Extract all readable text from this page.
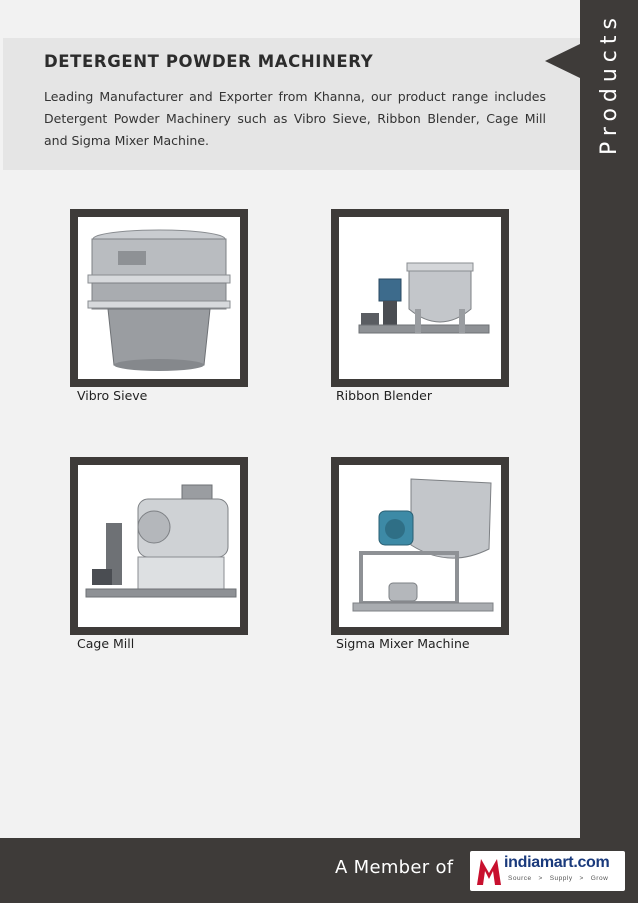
Products
DETERGENT POWDER MACHINERY

Leading Manufacturer and Exporter from Khanna, our product range includes Detergent Powder Machinery such as Vibro Sieve, Ribbon Blender, Cage Mill and Sigma Mixer Machine.

Vibro Sieve	Ribbon Blender

Cage Mill	Sigma Mixer Machine

A Member of	indiamart.com
Source   >   Supply   >   Grow
